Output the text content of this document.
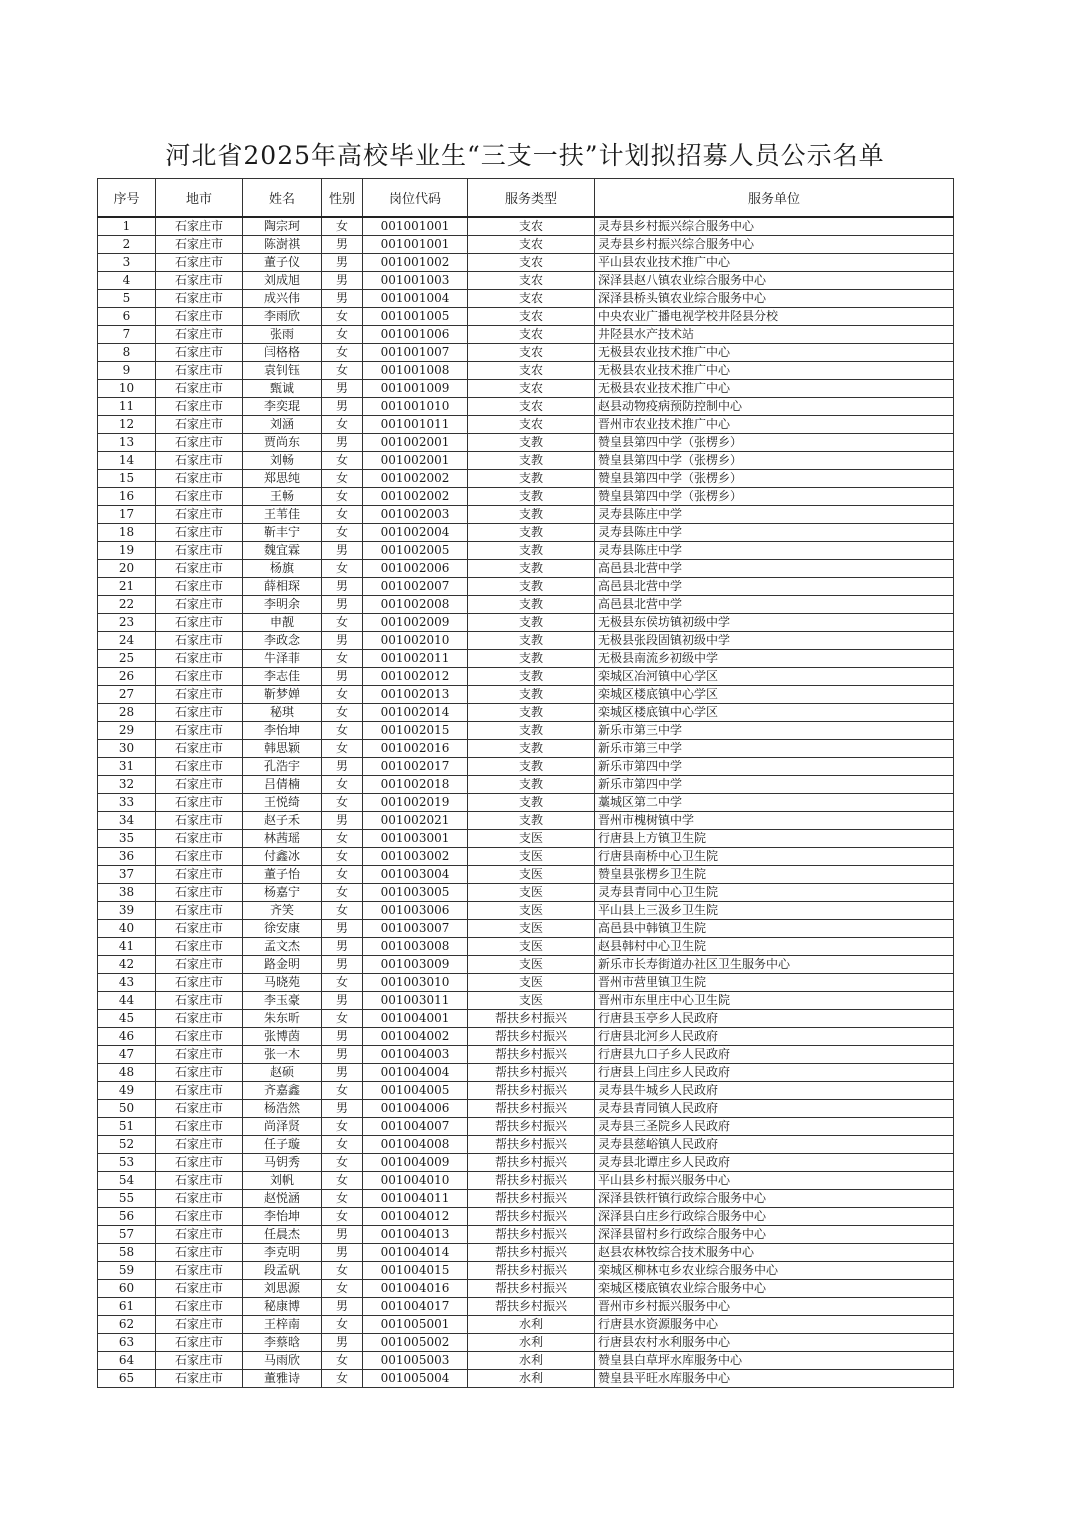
河北省2025年高校毕业生“三支一扶”计划拟招募人员公示名单
序号	地市	姓名	性别	岗位代码	服务类型	服务单位
1	石家庄市	陶宗珂	女	001001001	支农	灵寿县乡村振兴综合服务中心
2	石家庄市	陈澍祺	男	001001001	支农	灵寿县乡村振兴综合服务中心
3	石家庄市	董子仪	男	001001002	支农	平山县农业技术推广中心
4	石家庄市	刘成旭	男	001001003	支农	深泽县赵八镇农业综合服务中心
5	石家庄市	成兴伟	男	001001004	支农	深泽县桥头镇农业综合服务中心
6	石家庄市	李雨欣	女	001001005	支农	中央农业广播电视学校井陉县分校
7	石家庄市	张雨	女	001001006	支农	井陉县水产技术站
8	石家庄市	闫格格	女	001001007	支农	无极县农业技术推广中心
9	石家庄市	袁钊钰	女	001001008	支农	无极县农业技术推广中心
10	石家庄市	甄诚	男	001001009	支农	无极县农业技术推广中心
11	石家庄市	李奕琨	男	001001010	支农	赵县动物疫病预防控制中心
12	石家庄市	刘涵	女	001001011	支农	晋州市农业技术推广中心
13	石家庄市	贾尚东	男	001002001	支教	赞皇县第四中学（张楞乡）
14	石家庄市	刘畅	女	001002001	支教	赞皇县第四中学（张楞乡）
15	石家庄市	郑思纯	女	001002002	支教	赞皇县第四中学（张楞乡）
16	石家庄市	王畅	女	001002002	支教	赞皇县第四中学（张楞乡）
17	石家庄市	王苇佳	女	001002003	支教	灵寿县陈庄中学
18	石家庄市	靳丰宁	女	001002004	支教	灵寿县陈庄中学
19	石家庄市	魏宜霖	男	001002005	支教	灵寿县陈庄中学
20	石家庄市	杨旗	女	001002006	支教	高邑县北营中学
21	石家庄市	薛相琛	男	001002007	支教	高邑县北营中学
22	石家庄市	李明余	男	001002008	支教	高邑县北营中学
23	石家庄市	申靓	女	001002009	支教	无极县东侯坊镇初级中学
24	石家庄市	李政念	男	001002010	支教	无极县张段固镇初级中学
25	石家庄市	牛泽菲	女	001002011	支教	无极县南流乡初级中学
26	石家庄市	李志佳	男	001002012	支教	栾城区冶河镇中心学区
27	石家庄市	靳梦婵	女	001002013	支教	栾城区楼底镇中心学区
28	石家庄市	秘琪	女	001002014	支教	栾城区楼底镇中心学区
29	石家庄市	李怡坤	女	001002015	支教	新乐市第三中学
30	石家庄市	韩思颖	女	001002016	支教	新乐市第三中学
31	石家庄市	孔浩宇	男	001002017	支教	新乐市第四中学
32	石家庄市	吕倩楠	女	001002018	支教	新乐市第四中学
33	石家庄市	王悦绮	女	001002019	支教	藁城区第二中学
34	石家庄市	赵子禾	男	001002021	支教	晋州市槐树镇中学
35	石家庄市	林茜瑶	女	001003001	支医	行唐县上方镇卫生院
36	石家庄市	付鑫冰	女	001003002	支医	行唐县南桥中心卫生院
37	石家庄市	董子怡	女	001003004	支医	赞皇县张楞乡卫生院
38	石家庄市	杨嘉宁	女	001003005	支医	灵寿县青同中心卫生院
39	石家庄市	齐笑	女	001003006	支医	平山县上三汲乡卫生院
40	石家庄市	徐安康	男	001003007	支医	高邑县中韩镇卫生院
41	石家庄市	孟文杰	男	001003008	支医	赵县韩村中心卫生院
42	石家庄市	路金明	男	001003009	支医	新乐市长寿街道办社区卫生服务中心
43	石家庄市	马晓苑	女	001003010	支医	晋州市营里镇卫生院
44	石家庄市	李玉豪	男	001003011	支医	晋州市东里庄中心卫生院
45	石家庄市	朱东昕	女	001004001	帮扶乡村振兴	行唐县玉亭乡人民政府
46	石家庄市	张博茵	男	001004002	帮扶乡村振兴	行唐县北河乡人民政府
47	石家庄市	张一木	男	001004003	帮扶乡村振兴	行唐县九口子乡人民政府
48	石家庄市	赵硕	男	001004004	帮扶乡村振兴	行唐县上闫庄乡人民政府
49	石家庄市	齐嘉鑫	女	001004005	帮扶乡村振兴	灵寿县牛城乡人民政府
50	石家庄市	杨浩然	男	001004006	帮扶乡村振兴	灵寿县青同镇人民政府
51	石家庄市	尚泽贤	女	001004007	帮扶乡村振兴	灵寿县三圣院乡人民政府
52	石家庄市	任子璇	女	001004008	帮扶乡村振兴	灵寿县慈峪镇人民政府
53	石家庄市	马钥秀	女	001004009	帮扶乡村振兴	灵寿县北谭庄乡人民政府
54	石家庄市	刘帆	女	001004010	帮扶乡村振兴	平山县乡村振兴服务中心
55	石家庄市	赵悦涵	女	001004011	帮扶乡村振兴	深泽县铁杆镇行政综合服务中心
56	石家庄市	李怡坤	女	001004012	帮扶乡村振兴	深泽县白庄乡行政综合服务中心
57	石家庄市	任晨杰	男	001004013	帮扶乡村振兴	深泽县留村乡行政综合服务中心
58	石家庄市	李克明	男	001004014	帮扶乡村振兴	赵县农林牧综合技术服务中心
59	石家庄市	段孟矾	女	001004015	帮扶乡村振兴	栾城区柳林屯乡农业综合服务中心
60	石家庄市	刘思源	女	001004016	帮扶乡村振兴	栾城区楼底镇农业综合服务中心
61	石家庄市	秘康博	男	001004017	帮扶乡村振兴	晋州市乡村振兴服务中心
62	石家庄市	王梓南	女	001005001	水利	行唐县水资源服务中心
63	石家庄市	李蔡晗	男	001005002	水利	行唐县农村水利服务中心
64	石家庄市	马雨欣	女	001005003	水利	赞皇县白草坪水库服务中心
65	石家庄市	董雅诗	女	001005004	水利	赞皇县平旺水库服务中心
